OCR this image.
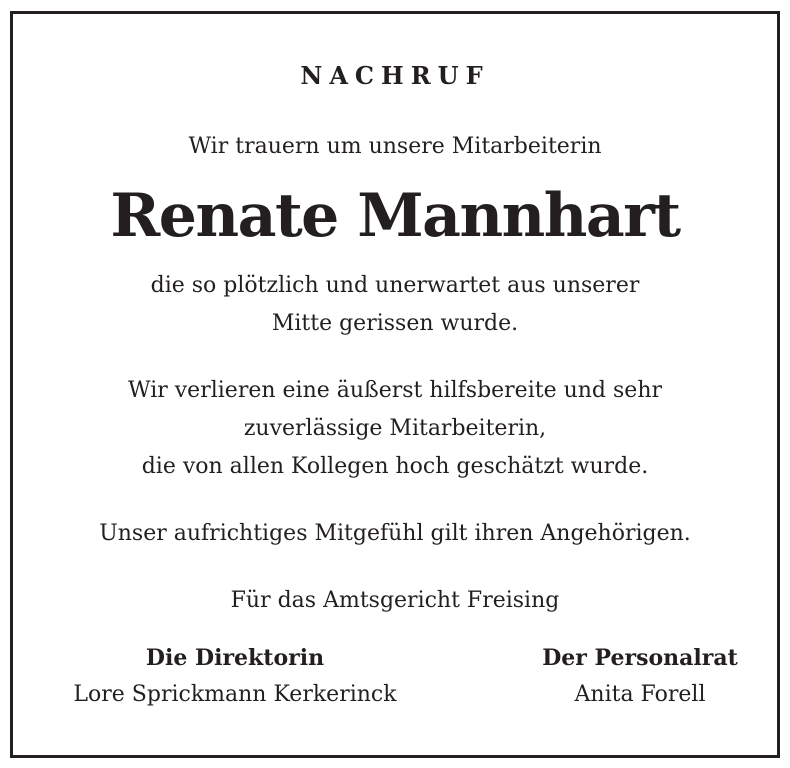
NACHRUF
Wir trauern um unsere Mitarbeiterin
Renate Mannhart
die so plötzlich und unerwartet aus unserer
Mitte gerissen wurde.
Wir verlieren eine äußerst hilfsbereite und sehr
zuverlässige Mitarbeiterin,
die von allen Kollegen hoch geschätzt wurde.
Unser aufrichtiges Mitgefühl gilt ihren Angehörigen.
Für das Amtsgericht Freising
Die Direktorin
Lore Sprickmann Kerkerinck
Der Personalrat
Anita Forell
